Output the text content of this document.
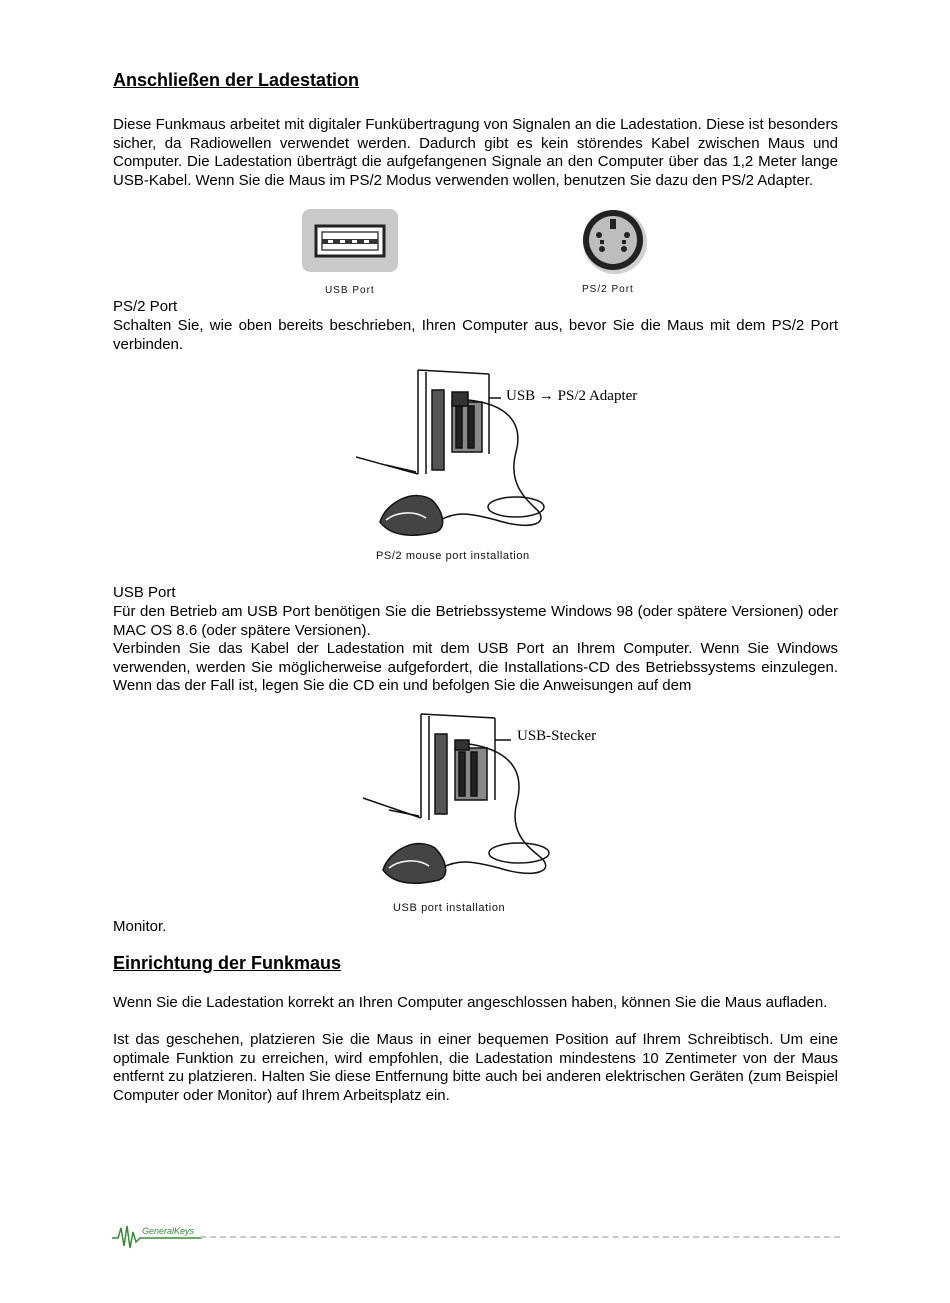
Anschließen der Ladestation

Diese Funkmaus arbeitet mit digitaler Funkübertragung von Signalen an die Ladestation. Diese ist besonders sicher, da Radiowellen verwendet werden. Dadurch gibt es kein störendes Kabel zwischen Maus und Computer. Die Ladestation überträgt die aufgefangenen Signale an den Computer über das 1,2 Meter lange USB-Kabel. Wenn Sie die Maus im PS/2 Modus verwenden wollen, benutzen Sie dazu den PS/2 Adapter.

USB Port	PS/2 Port

PS/2 Port

Schalten Sie, wie oben bereits beschrieben, Ihren Computer aus, bevor Sie die Maus mit dem PS/2 Port verbinden.

USB → PS/2 Adapter
PS/2 mouse port installation

USB Port

Für den Betrieb am USB Port benötigen Sie die Betriebssysteme Windows 98 (oder spätere Versionen) oder MAC OS 8.6 (oder spätere Versionen).

Verbinden Sie das Kabel der Ladestation mit dem USB Port an Ihrem Computer. Wenn Sie Windows verwenden, werden Sie möglicherweise aufgefordert, die Installations-CD des Betriebssystems einzulegen. Wenn das der Fall ist, legen Sie die CD ein und befolgen Sie die Anweisungen auf dem

USB-Stecker
USB port installation

Monitor.

Einrichtung der Funkmaus

Wenn Sie die Ladestation korrekt an Ihren Computer angeschlossen haben, können Sie die Maus aufladen.

Ist das geschehen, platzieren Sie die Maus in einer bequemen Position auf Ihrem Schreibtisch. Um eine optimale Funktion zu erreichen, wird empfohlen, die Ladestation mindestens 10 Zentimeter von der Maus entfernt zu platzieren. Halten Sie diese Entfernung bitte auch bei anderen elektrischen Geräten (zum Beispiel Computer oder Monitor) auf Ihrem Arbeitsplatz ein.

GeneralKeys
